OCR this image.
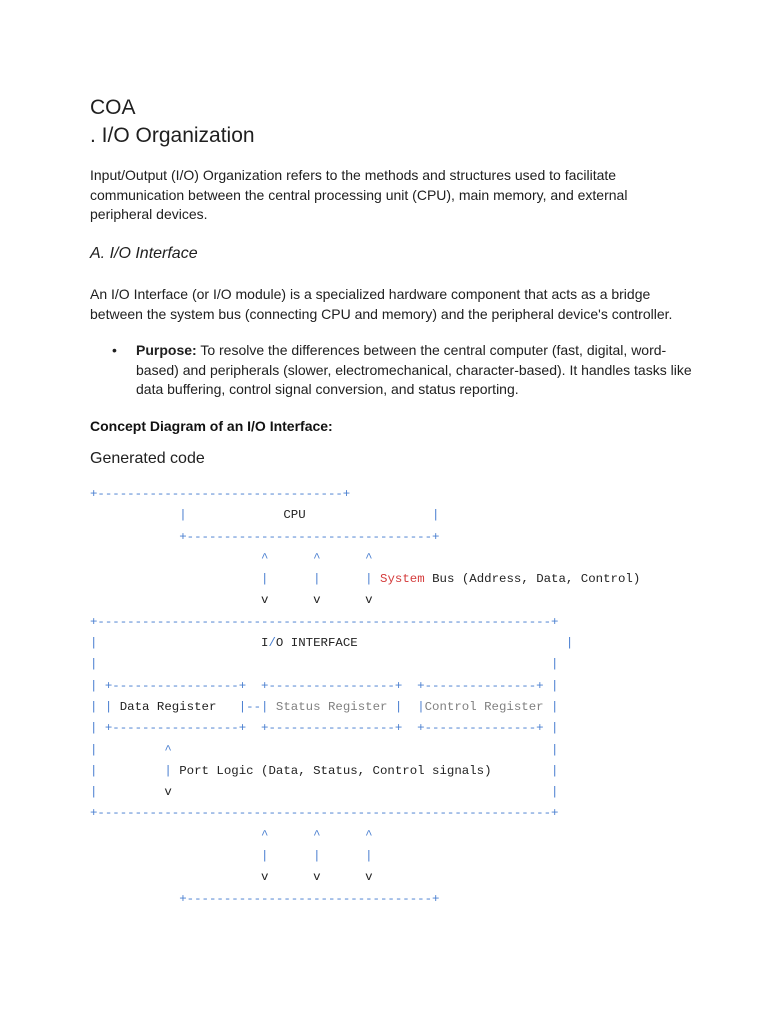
COA
. I/O Organization

Input/Output (I/O) Organization refers to the methods and structures used to facilitate communication between the central processing unit (CPU), main memory, and external peripheral devices.

A. I/O Interface

An I/O Interface (or I/O module) is a specialized hardware component that acts as a bridge between the system bus (connecting CPU and memory) and the peripheral device's controller.

• Purpose: To resolve the differences between the central computer (fast, digital, word-based) and peripherals (slower, electromechanical, character-based). It handles tasks like data buffering, control signal conversion, and status reporting.

Concept Diagram of an I/O Interface:

Generated code
+---------------------------------+
|             CPU                 |
+---------------------------------+
^	^	^
|	|	| System Bus (Address, Data, Control)
v      v      v
+-------------------------------------------------------------+
|                      I/O INTERFACE                            |
|	|
| +-----------------+  +-----------------+  +---------------+ |
| | Data Register   |--| Status Register | |Control Register |
| +-----------------+  +-----------------+  +---------------+ |
|	^	|
|	| Port Logic (Data, Status, Control signals)        |
|         v                                                   |
+-------------------------------------------------------------+
^	^	^
|	|	|
v      v      v
+---------------------------------+
